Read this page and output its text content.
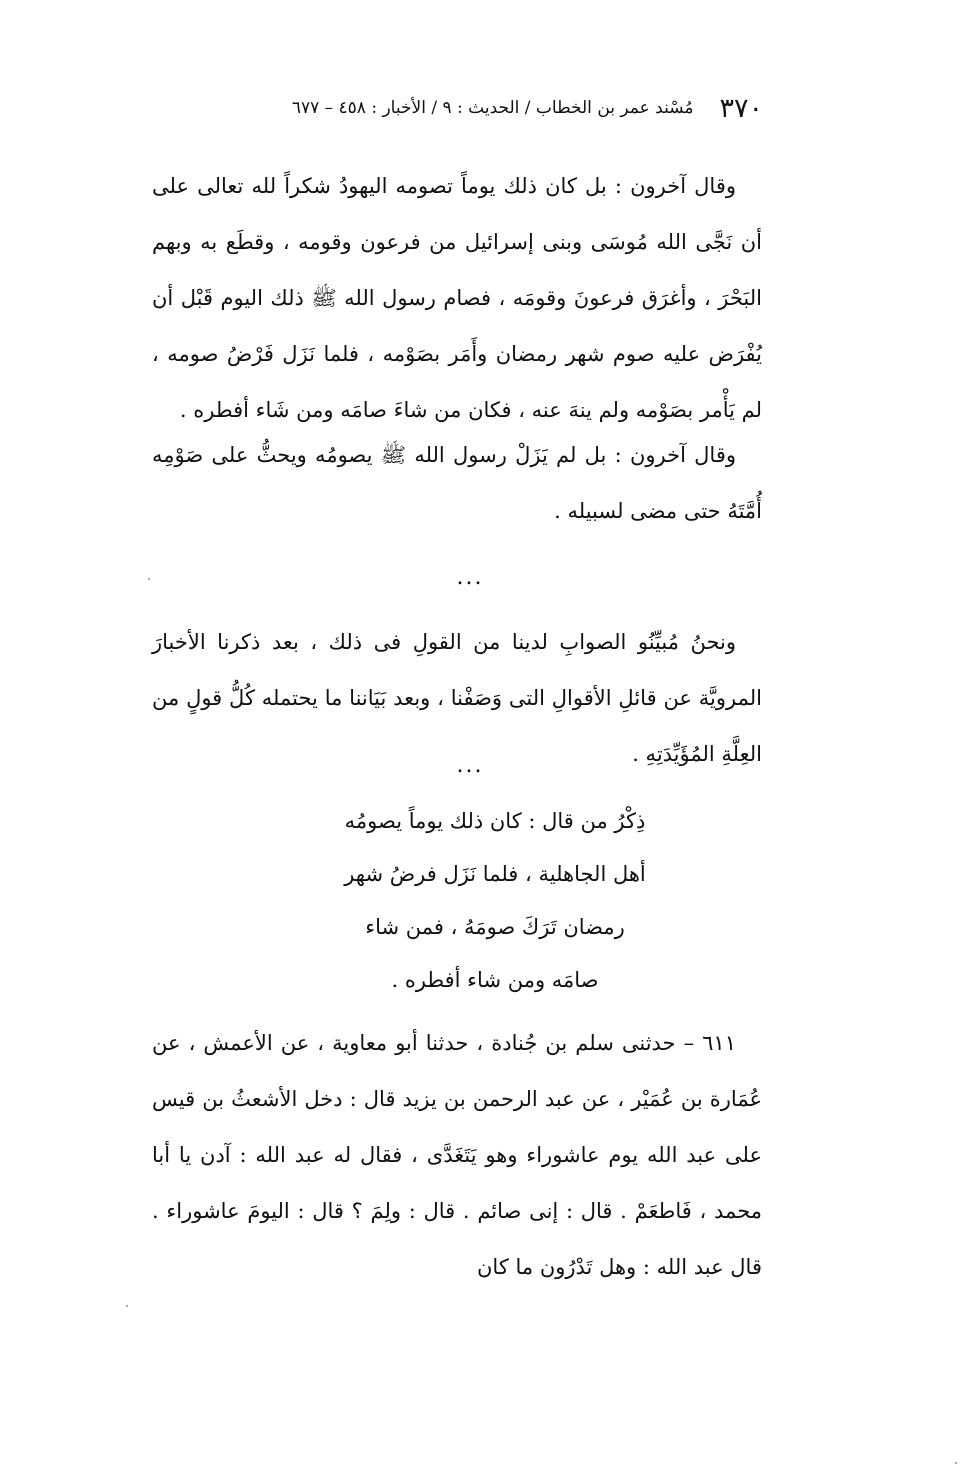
٣٧٠
مُسْند عمر بن الخطاب / الحديث : ٩ / الأخبار : ٤٥٨ – ٦٧٧

وقال آخرون : بل كان ذلك يوماً تصومه اليهودُ شكراً لله تعالى على أن نَجَّى الله مُوسَى وبنى إسرائيل من فرعون وقومه ، وقطَع به وبهم البَحْرَ ، وأغرَق فرعونَ وقومَه ، فصام رسول الله ﷺ ذلك اليوم قَبْل أن يُفْرَض عليه صوم شهر رمضان وأَمَر بصَوْمه ، فلما نَزَل فَرْضُ صومه ، لم يَأْمر بصَوْمه ولم ينهَ عنه ، فكان من شاءَ صامَه ومن شَاء أفطره .

وقال آخرون : بل لم يَزَلْ رسول الله ﷺ يصومُه ويحثُّ على صَوْمِه أُمَّتَهُ حتى مضى لسبيله .

...

ونحنُ مُبيِّنُو الصوابِ لدينا من القولِ فى ذلك ، بعد ذكرنا الأخبارَ المرويَّة عن قائلِ الأقوالِ التى وَصَفْنا ، وبعد بَيَاننا ما يحتمله كُلُّ قولٍ من العِلَّةِ المُؤَيِّدَتِهِ .

...
ذِكْرُ من قال : كان ذلك يوماً يصومُه
أهل الجاهلية ، فلما نَزَل فرضُ شهر
رمضان تَرَكَ صومَهُ ، فمن شاء
صامَه ومن شاء أفطره .

٦١١ – حدثنى سلم بن جُنادة ، حدثنا أبو معاوية ، عن الأعمش ، عن عُمَارة بن عُمَيْر ، عن عبد الرحمن بن يزيد قال : دخل الأشعثُ بن قيس على عبد الله يوم عاشوراء وهو يَتَغَدَّى ، فقال له عبد الله : آدن يا أبا محمد ، فَاطعَمْ . قال : إنى صائم . قال : ولِمَ ؟ قال : اليومَ عاشوراء . قال عبد الله : وهل تَدْرُون ما كان
